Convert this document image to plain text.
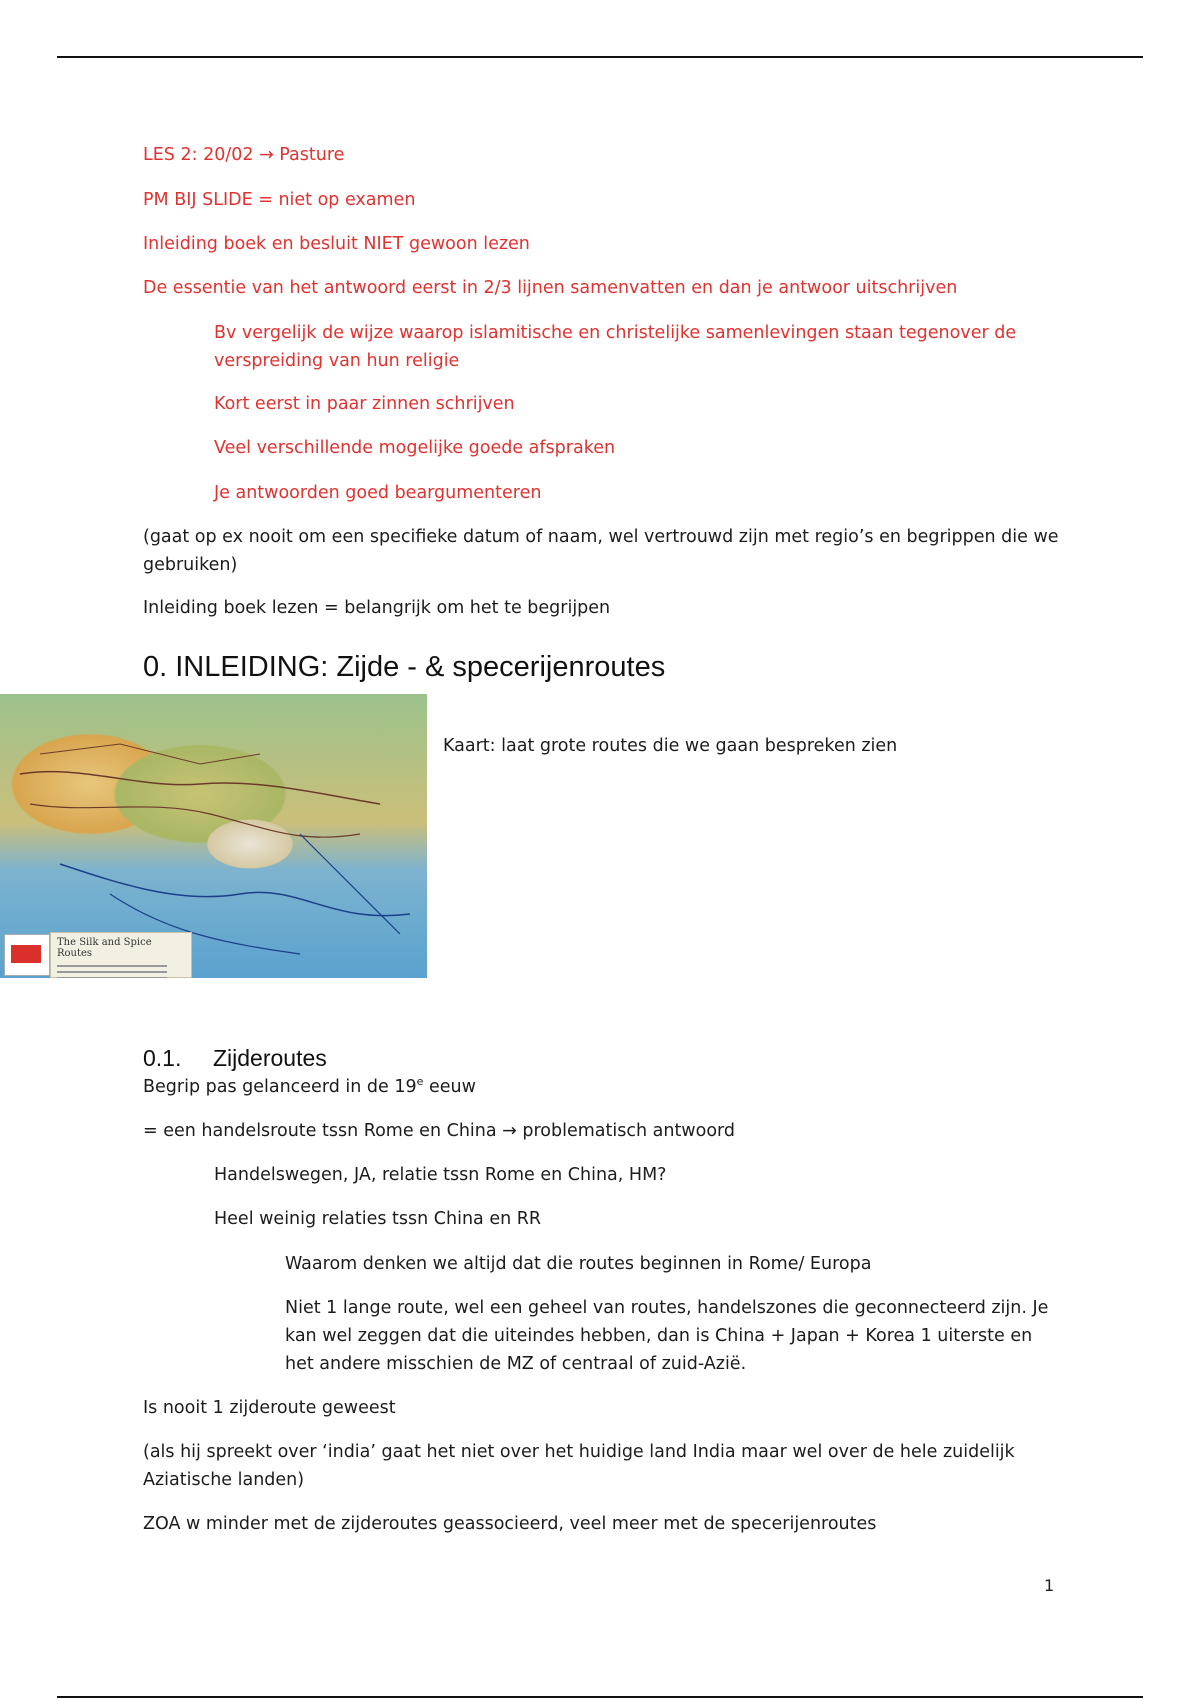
LES 2: 20/02 → Pasture
PM BIJ SLIDE = niet op examen
Inleiding boek en besluit NIET gewoon lezen
De essentie van het antwoord eerst in 2/3 lijnen samenvatten en dan je antwoor uitschrijven
Bv vergelijk de wijze waarop islamitische en christelijke samenlevingen staan tegenover de verspreiding van hun religie
Kort eerst in paar zinnen schrijven
Veel verschillende mogelijke goede afspraken
Je antwoorden goed beargumenteren
(gaat op ex nooit om een specifieke datum of naam, wel vertrouwd zijn met regio’s en begrippen die we gebruiken)
Inleiding boek lezen = belangrijk om het te begrijpen
0. INLEIDING: Zijde - & specerijenroutes
The Silk and Spice Routes
Kaart: laat grote routes die we gaan bespreken zien
0.1. Zijderoutes
Begrip pas gelanceerd in de 19e eeuw
= een handelsroute tssn Rome en China → problematisch antwoord
Handelswegen, JA, relatie tssn Rome en China, HM?
Heel weinig relaties tssn China en RR
Waarom denken we altijd dat die routes beginnen in Rome/ Europa
Niet 1 lange route, wel een geheel van routes, handelszones die geconnecteerd zijn. Je kan wel zeggen dat die uiteindes hebben, dan is China + Japan + Korea 1 uiterste en het andere misschien de MZ of centraal of zuid-Azië.
Is nooit 1 zijderoute geweest
(als hij spreekt over ‘india’ gaat het niet over het huidige land India maar wel over de hele zuidelijk Aziatische landen)
ZOA w minder met de zijderoutes geassocieerd, veel meer met de specerijenroutes
1
